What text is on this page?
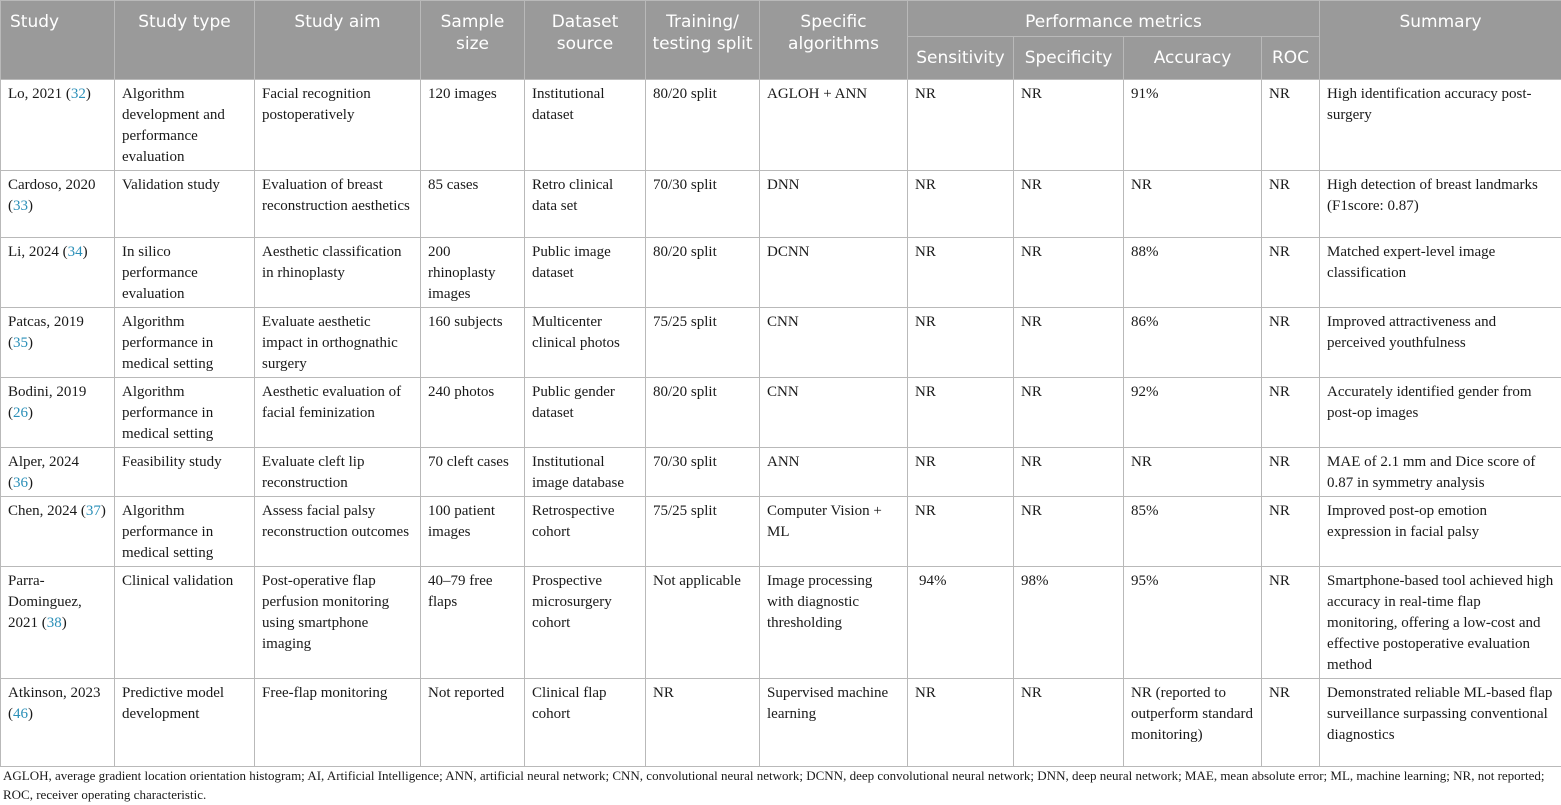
Study	Study type	Study aim	Sample size	Dataset source	Training/ testing split	Specific algorithms	Performance metrics				Summary
							Sensitivity	Specificity	Accuracy	ROC	
Lo, 2021 (32)	Algorithm development and performance evaluation	Facial recognition postoperatively	120 images	Institutional dataset	80/20 split	AGLOH + ANN	NR	NR	91%	NR	High identification accuracy post-surgery
Cardoso, 2020 (33)	Validation study	Evaluation of breast reconstruction aesthetics	85 cases	Retro clinical data set	70/30 split	DNN	NR	NR	NR	NR	High detection of breast landmarks (F1score: 0.87)
Li, 2024 (34)	In silico performance evaluation	Aesthetic classification in rhinoplasty	200 rhinoplasty images	Public image dataset	80/20 split	DCNN	NR	NR	88%	NR	Matched expert-level image classification
Patcas, 2019 (35)	Algorithm performance in medical setting	Evaluate aesthetic impact in orthognathic surgery	160 subjects	Multicenter clinical photos	75/25 split	CNN	NR	NR	86%	NR	Improved attractiveness and perceived youthfulness
Bodini, 2019 (26)	Algorithm performance in medical setting	Aesthetic evaluation of facial feminization	240 photos	Public gender dataset	80/20 split	CNN	NR	NR	92%	NR	Accurately identified gender from post-op images
Alper, 2024 (36)	Feasibility study	Evaluate cleft lip reconstruction	70 cleft cases	Institutional image database	70/30 split	ANN	NR	NR	NR	NR	MAE of 2.1 mm and Dice score of 0.87 in symmetry analysis
Chen, 2024 (37)	Algorithm performance in medical setting	Assess facial palsy reconstruction outcomes	100 patient images	Retrospective cohort	75/25 split	Computer Vision + ML	NR	NR	85%	NR	Improved post-op emotion expression in facial palsy
Parra-Dominguez, 2021 (38)	Clinical validation	Post-operative flap perfusion monitoring using smartphone imaging	40–79 free flaps	Prospective microsurgery cohort	Not applicable	Image processing with diagnostic thresholding	94%	98%	95%	NR	Smartphone-based tool achieved high accuracy in real-time flap monitoring, offering a low-cost and effective postoperative evaluation method
Atkinson, 2023 (46)	Predictive model development	Free-flap monitoring	Not reported	Clinical flap cohort	NR	Supervised machine learning	NR	NR	NR (reported to outperform standard monitoring)	NR	Demonstrated reliable ML-based flap surveillance surpassing conventional diagnostics
AGLOH, average gradient location orientation histogram; AI, Artificial Intelligence; ANN, artificial neural network; CNN, convolutional neural network; DCNN, deep convolutional neural network; DNN, deep neural network; MAE, mean absolute error; ML, machine learning; NR, not reported; ROC, receiver operating characteristic.
